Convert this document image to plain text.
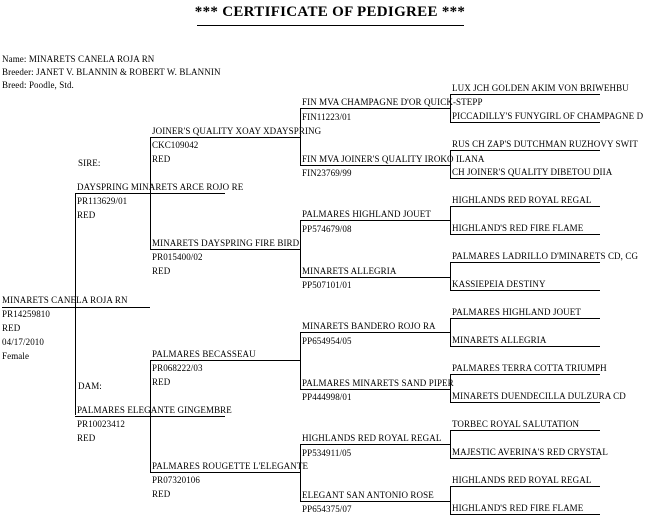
*** CERTIFICATE OF PEDIGREE ***
Name: MINARETS CANELA ROJA RN
Breeder: JANET V. BLANNIN & ROBERT W. BLANNIN
Breed: Poodle, Std.
MINARETS CANELA ROJA RN
PR14259810
RED
04/17/2010
Female
SIRE:
DAM:
DAYSPRING MINARETS ARCE ROJO RE
PR113629/01
RED
PALMARES ELEGANTE GINGEMBRE
PR10023412
RED
JOINER'S QUALITY XOAY XDAYSPRING
CKC109042
RED
MINARETS DAYSPRING FIRE BIRD
PR015400/02
RED
PALMARES BECASSEAU
PR068222/03
RED
PALMARES ROUGETTE L'ELEGANTE
PR07320106
RED
FIN MVA CHAMPAGNE D'OR QUICK-STEPP
FIN11223/01
FIN MVA JOINER'S QUALITY IROKO ILANA
FIN23769/99
PALMARES HIGHLAND JOUET
PP574679/08
MINARETS ALLEGRIA
PP507101/01
MINARETS BANDERO ROJO RA
PP654954/05
PALMARES MINARETS SAND PIPER
PP444998/01
HIGHLANDS RED ROYAL REGAL
PP534911/05
ELEGANT SAN ANTONIO ROSE
PP654375/07
LUX JCH GOLDEN AKIM VON BRIWEHBU
PICCADILLY'S FUNYGIRL OF CHAMPAGNE D
RUS CH ZAP'S DUTCHMAN RUZHOVY SWIT
CH JOINER'S QUALITY DIBETOU DIIA
HIGHLANDS RED ROYAL REGAL
HIGHLAND'S RED FIRE FLAME
PALMARES LADRILLO D'MINARETS CD, CG
KASSIEPEIA DESTINY
PALMARES HIGHLAND JOUET
MINARETS ALLEGRIA
PALMARES TERRA COTTA TRIUMPH
MINARETS DUENDECILLA DULZURA CD
TORBEC ROYAL SALUTATION
MAJESTIC AVERINA'S RED CRYSTAL
HIGHLANDS RED ROYAL REGAL
HIGHLAND'S RED FIRE FLAME
